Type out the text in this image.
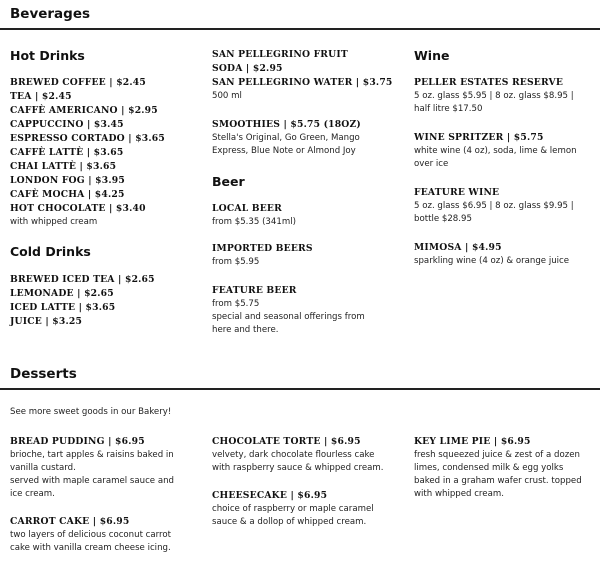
Beverages
Hot Drinks
BREWED COFFEE | $2.45
TEA | $2.45
CAFFÈ AMERICANO | $2.95
CAPPUCCINO | $3.45
ESPRESSO CORTADO | $3.65
CAFFÈ LATTÈ | $3.65
CHAI LATTÈ | $3.65
LONDON FOG | $3.95
CAFÈ MOCHA | $4.25
HOT CHOCOLATE | $3.40
with whipped cream
Cold Drinks
BREWED ICED TEA | $2.65
LEMONADE | $2.65
ICED LATTE | $3.65
JUICE | $3.25
SAN PELLEGRINO FRUIT
SODA | $2.95
SAN PELLEGRINO WATER | $3.75
500 ml
SMOOTHIES | $5.75 (18OZ)
Stella's Original, Go Green, Mango
Express, Blue Note or Almond Joy
Beer
LOCAL BEER
from $5.35 (341ml)
IMPORTED BEERS
from $5.95
FEATURE BEER
from $5.75
special and seasonal offerings from
here and there.
Wine
PELLER ESTATES RESERVE
5 oz. glass $5.95 | 8 oz. glass $8.95 |
half litre $17.50
WINE SPRITZER | $5.75
white wine (4 oz), soda, lime & lemon
over ice
FEATURE WINE
5 oz. glass $6.95 | 8 oz. glass $9.95 |
bottle $28.95
MIMOSA | $4.95
sparkling wine (4 oz) & orange juice
Desserts
See more sweet goods in our Bakery!
BREAD PUDDING | $6.95
brioche, tart apples & raisins baked in
vanilla custard.
served with maple caramel sauce and
ice cream.
CARROT CAKE | $6.95
two layers of delicious coconut carrot
cake with vanilla cream cheese icing.
CHOCOLATE TORTE | $6.95
velvety, dark chocolate flourless cake
with raspberry sauce & whipped cream.
CHEESECAKE | $6.95
choice of raspberry or maple caramel
sauce & a dollop of whipped cream.
KEY LIME PIE | $6.95
fresh squeezed juice & zest of a dozen
limes, condensed milk & egg yolks
baked in a graham wafer crust. topped
with whipped cream.
